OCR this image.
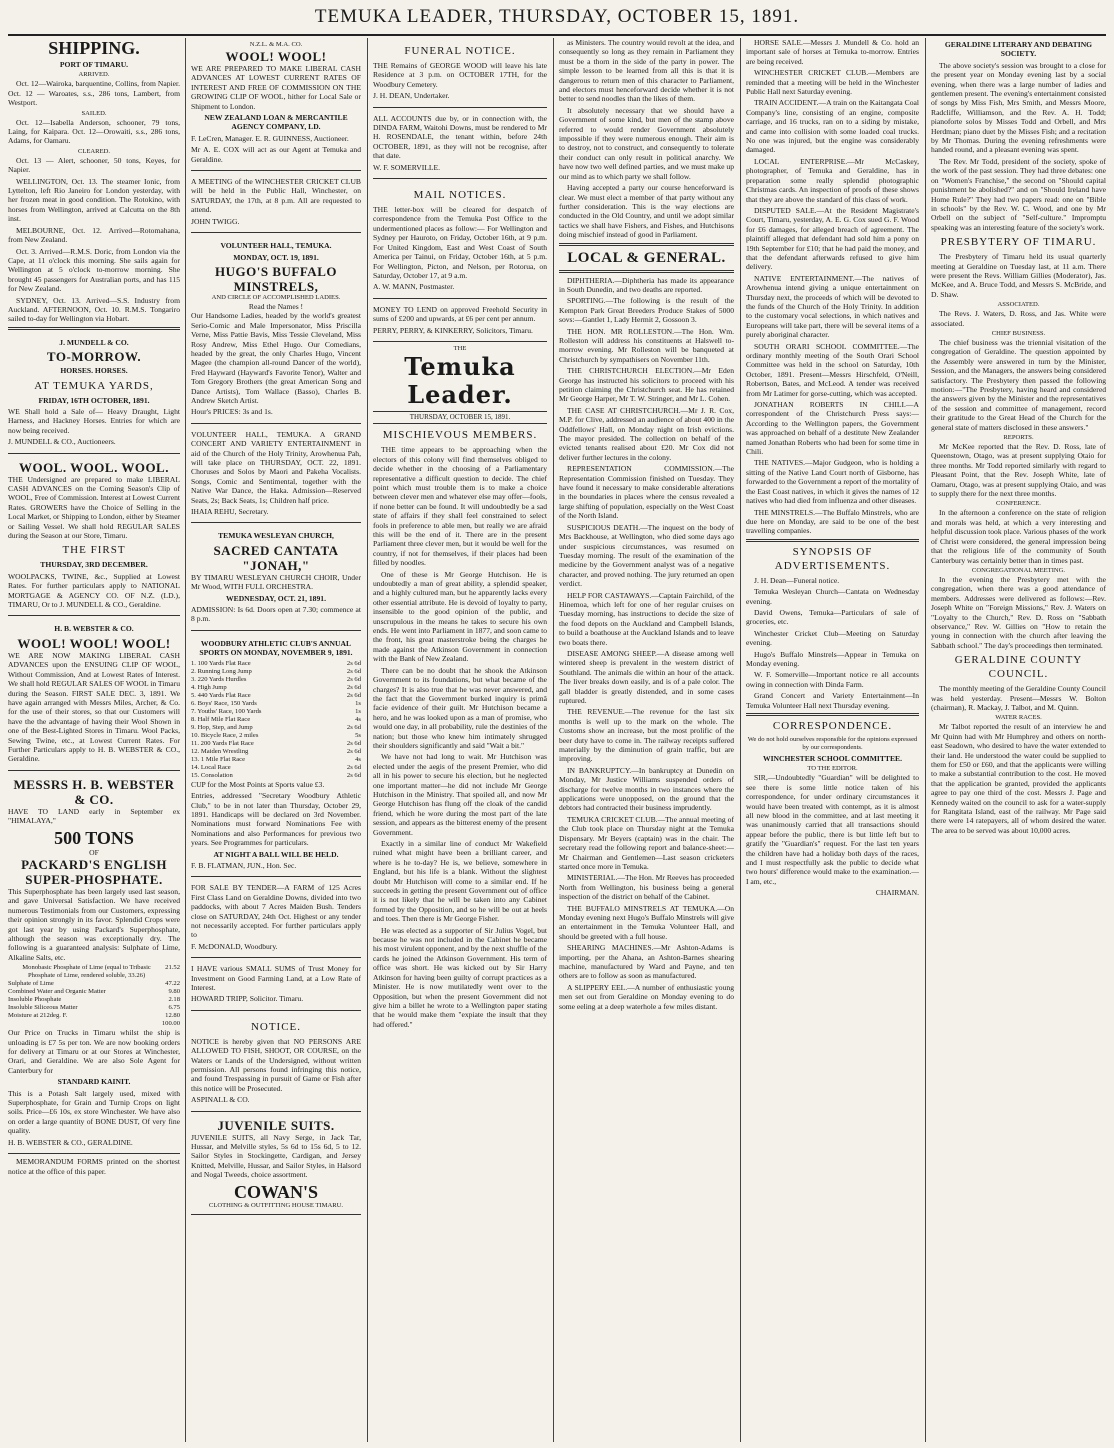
TEMUKA LEADER, THURSDAY, OCTOBER 15, 1891.
SHIPPING.
PORT OF TIMARU.
ARRIVED.

Oct. 12—Wairoka, barquentine, Collins, from Napier. Oct. 12 — Waroates, s.s., 286 tons, Lambert, from Westport.

SAILED.

Oct. 12—Isabella Anderson, schooner, 79 tons, Laing, for Kaipara. Oct. 12—Orowaiti, s.s., 286 tons, Adams, for Oamaru.

CLEARED.

Oct. 13 — Alert, schooner, 50 tons, Keyes, for Napier.

WELLINGTON, Oct. 13. The steamer Ionic, from Lyttelton, left Rio Janeiro for London yesterday, with her frozen meat in good condition. The Rotokino, with horses from Wellington, arrived at Calcutta on the 8th inst.

MELBOURNE, Oct. 12. Arrived—Rotomahana, from New Zealand.

Oct. 3. Arrived—R.M.S. Doric, from London via the Cape, at 11 o'clock this morning. She sails again for Wellington at 5 o'clock to-morrow morning. She brought 45 passengers for Australian ports, and has 115 for New Zealand.

SYDNEY, Oct. 13. Arrived—S.S. Industry from Auckland. AFTERNOON, Oct. 10. R.M.S. Tongariro sailed to-day for Wellington via Hobart.

J. MUNDELL & CO.
TO-MORROW.
HORSES. HORSES.
AT TEMUKA YARDS,
FRIDAY, 16TH OCTOBER, 1891.

WE Shall hold a Sale of— Heavy Draught, Light Harness, and Hackney Horses. Entries for which are now being received.

J. MUNDELL & CO., Auctioneers.

WOOL. WOOL. WOOL.

THE Undersigned are prepared to make LIBERAL CASH ADVANCES on the Coming Season's Clip of WOOL, Free of Commission. Interest at Lowest Current Rates. GROWERS have the Choice of Selling in the Local Market, or Shipping to London, either by Steamer or Sailing Vessel. We shall hold REGULAR SALES during the Season at our Store, Timaru.

THE FIRST
THURSDAY, 3RD DECEMBER.

WOOLPACKS, TWINE, &c., Supplied at Lowest Rates. For further particulars apply to NATIONAL MORTGAGE & AGENCY CO. OF N.Z. (LD.), TIMARU, Or to J. MUNDELL & CO., Geraldine.

H. B. WEBSTER & CO.
WOOL! WOOL! WOOL!

WE ARE NOW MAKING LIBERAL CASH ADVANCES upon the ENSUING CLIP OF WOOL, Without Commission, And at Lowest Rates of Interest. We shall hold REGULAR SALES OF WOOL in Timaru during the Season. FIRST SALE DEC. 3, 1891. We have again arranged with Messrs Miles, Archer, & Co. for the use of their stores, so that our Customers will have the the advantage of having their Wool Shown in one of the Best-Lighted Stores in Timaru. Wool Packs, Sewing Twine, etc., at Lowest Current Rates. For Further Particulars apply to H. B. WEBSTER & CO., Geraldine.

MESSRS H. B. WEBSTER & CO.

HAVE TO LAND early in September ex "HIMALAYA,"

500 TONS
OF
PACKARD'S ENGLISH SUPER-PHOSPHATE.

This Superphosphate has been largely used last season, and gave Universal Satisfaction. We have received numerous Testimonials from our Customers, expressing their opinion strongly in its favor. Splendid Crops were got last year by using Packard's Superphosphate, although the season was exceptionally dry. The following is a guaranteed analysis: Sulphate of Lime, Alkaline Salts, etc.

Monobasic Phosphate of Lime (equal to Tribasic Phosphate of Lime, rendered soluble, 33.26)
21.52
Sulphate of Lime	47.22
Combined Water and Organic Matter	9.80
Insoluble Phosphate	2.18
Insoluble Siliceous Matter	6.75
Moisture at 212deg. F.	12.80
100.00

Our Price on Trucks in Timaru whilst the ship is unloading is £7 5s per ton. We are now booking orders for delivery at Timaru or at our Stores at Winchester, Orari, and Geraldine. We are also Sole Agent for Canterbury for

STANDARD KAINIT.

This is a Potash Salt largely used, mixed with Superphosphate, for Grain and Turnip Crops on light soils. Price—£6 10s, ex store Winchester. We have also on order a large quantity of BONE DUST, Of very fine quality.

H. B. WEBSTER & CO., GERALDINE.

MEMORANDUM FORMS printed on the shortest notice at the office of this paper.

N.Z.L. & M.A. CO.
WOOL! WOOL!

WE ARE PREPARED TO MAKE LIBERAL CASH ADVANCES AT LOWEST CURRENT RATES OF INTEREST AND FREE OF COMMISSION ON THE GROWING CLIP OF WOOL, hither for Local Sale or Shipment to London.

NEW ZEALAND LOAN & MERCANTILE AGENCY COMPANY, LD.

F. LeCren, Manager. E. R. GUINNESS, Auctioneer.

Mr A. E. COX will act as our Agent at Temuka and Geraldine.

A MEETING of the WINCHESTER CRICKET CLUB will be held in the Public Hall, Winchester, on SATURDAY, the 17th, at 8 p.m. All are requested to attend.

JOHN TWIGG.

VOLUNTEER HALL, TEMUKA.
MONDAY, OCT. 19, 1891.
HUGO'S BUFFALO MINSTRELS,
AND CIRCLE OF ACCOMPLISHED LADIES.
Read the Names !

Our Handsome Ladies, headed by the world's greatest Serio-Comic and Male Impersonator, Miss Priscilla Verne, Miss Pattie Bavis, Miss Tessie Cleveland, Miss Rosy Andrew, Miss Ethel Hugo. Our Comedians, headed by the great, the only Charles Hugo, Vincent Magee (the champion all-round Dancer of the world), Fred Hayward (Hayward's Favorite Tenor), Walter and Tom Gregory Brothers (the great American Song and Dance Artists), Tom Wallace (Basso), Charles B. Andrew Sketch Artist.

Hour's PRICES: 3s and 1s.

VOLUNTEER HALL, TEMUKA. A GRAND CONCERT AND VARIETY ENTERTAINMENT in aid of the Church of the Holy Trinity, Arowhenua Pah, will take place on THURSDAY, OCT. 22, 1891. Choruses and Solos by Maori and Pakeha Vocalists. Songs, Comic and Sentimental, together with the Native War Dance, the Haka. Admission—Reserved Seats, 2s; Back Seats, 1s; Children half price.

IHAIA REHU, Secretary.

TEMUKA WESLEYAN CHURCH,
SACRED CANTATA "JONAH,"

BY TIMARU WESLEYAN CHURCH CHOIR, Under Mr Wood, WITH FULL ORCHESTRA.

WEDNESDAY, OCT. 21, 1891.

ADMISSION: Is 6d. Doors open at 7.30; commence at 8 p.m.

WOODBURY ATHLETIC CLUB'S ANNUAL SPORTS ON MONDAY, NOVEMBER 9, 1891.
1. 100 Yards Flat Race	2s 6d
2. Running Long Jump	2s 6d
3. 220 Yards Hurdles	2s 6d
4. High Jump	2s 6d
5. 440 Yards Flat Race	2s 6d
6. Boys' Race, 150 Yards	1s
7. Youths' Race, 100 Yards	1s
8. Half Mile Flat Race	4s
9. Hop, Step, and Jump	2s 6d
10. Bicycle Race, 2 miles	5s
11. 200 Yards Flat Race	2s 6d
12. Maiden Wrestling	2s 6d
13. 1 Mile Flat Race	4s
14. Local Race	2s 6d
15. Consolation	2s 6d

CUP for the Most Points at Sports value £3.

Entries, addressed "Secretary Woodbury Athletic Club," to be in not later than Thursday, October 29, 1891. Handicaps will be declared on 3rd November. Nominations must forward Nominations Fee with Nominations and also Performances for previous two years. See Programmes for particulars.

AT NIGHT A BALL WILL BE HELD.

F. B. FLATMAN, JUN., Hon. Sec.

FOR SALE BY TENDER—A FARM of 125 Acres First Class Land on Geraldine Downs, divided into two paddocks, with about 7 Acres Maiden Bush. Tenders close on SATURDAY, 24th Oct. Highest or any tender not necessarily accepted. For further particulars apply to

F. McDONALD, Woodbury.

I HAVE various SMALL SUMS of Trust Money for Investment on Good Farming Land, at a Low Rate of Interest.

HOWARD TRIPP, Solicitor. Timaru.

NOTICE.

NOTICE is hereby given that NO PERSONS ARE ALLOWED TO FISH, SHOOT, OR COURSE, on the Waters or Lands of the Undersigned, without written permission. All persons found infringing this notice, and found Trespassing in pursuit of Game or Fish after this notice will be Prosecuted.

ASPINALL & CO.

JUVENILE SUITS.

JUVENILE SUITS, all Navy Serge, in Jack Tar, Hussar, and Melville styles, 5s 6d to 15s 6d, 5 to 12. Sailor Styles in Stockingette, Cardigan, and Jersey Knitted, Melville, Hussar, and Sailor Styles, in Halsord and Nogal Tweeds, choice assortment.

COWAN'S
CLOTHING & OUTFITTING HOUSE TIMARU.
FUNERAL NOTICE.

THE Remains of GEORGE WOOD will leave his late Residence at 3 p.m. on OCTOBER 17TH, for the Woodbury Cemetery.

J. H. DEAN, Undertaker.

ALL ACCOUNTS due by, or in connection with, the DINDA FARM, Waitohi Downs, must be rendered to Mr H. ROSENDALE, the tenant within, before 24th OCTOBER, 1891, as they will not be recognise, after that date.

W. F. SOMERVILLE.

MAIL NOTICES.

THE letter-box will be cleared for despatch of correspondence from the Temuka Post Office to the undermentioned places as follow:— For Wellington and Sydney per Hauroto, on Friday, October 16th, at 9 p.m. For United Kingdom, East and West Coast of South America per Tainui, on Friday, October 16th, at 5 p.m. For Wellington, Picton, and Nelson, per Rotorua, on Saturday, October 17, at 9 a.m.

A. W. MANN, Postmaster.

MONEY TO LEND on approved Freehold Security in sums of £200 and upwards, at £6 per cent per annum.

PERRY, PERRY, & KINKERRY, Solicitors, Timaru.

THE
Temuka Leader.
THURSDAY, OCTOBER 15, 1891.
MISCHIEVOUS MEMBERS.

THE time appears to be approaching when the electors of this colony will find themselves obliged to decide whether in the choosing of a Parliamentary representative a difficult question to decide. The chief point which must trouble them is to make a choice between clever men and whatever else may offer—fools, if none better can be found. It will undoubtedly be a sad state of affairs if they shall feel constrained to select fools in preference to able men, but really we are afraid this will be the end of it. There are in the present Parliament three clever men, but it would be well for the country, if not for themselves, if their places had been filled by noodles.

One of these is Mr George Hutchison. He is undoubtedly a man of great ability, a splendid speaker, and a highly cultured man, but he apparently lacks every other essential attribute. He is devoid of loyalty to party, insensible to the good opinion of the public, and unscrupulous in the means he takes to secure his own ends. He went into Parliament in 1877, and soon came to the front, his great masterstroke being the charges he made against the Atkinson Government in connection with the Bank of New Zealand.

There can be no doubt that he shook the Atkinson Government to its foundations, but what became of the charges? It is also true that he was never answered, and the fact that the Government burked inquiry is primâ facie evidence of their guilt. Mr Hutchison became a hero, and he was looked upon as a man of promise, who would one day, in all probability, rule the destinies of the nation; but those who knew him intimately shrugged their shoulders significantly and said "Wait a bit."

We have not had long to wait. Mr Hutchison was elected under the aegis of the present Premier, who did all in his power to secure his election, but he neglected one important matter—he did not include Mr George Hutchison in the Ministry. That spoiled all, and now Mr George Hutchison has flung off the cloak of the candid friend, which he wore during the most part of the late session, and appears as the bitterest enemy of the present Government.

Exactly in a similar line of conduct Mr Wakefield ruined what might have been a brilliant career, and where is he to-day? He is, we believe, somewhere in England, but his life is a blank. Without the slightest doubt Mr Hutchison will come to a similar end. If he succeeds in getting the present Government out of office it is not likely that he will be taken into any Cabinet formed by the Opposition, and so he will be out at heels and toes. Then there is Mr George Fisher.

He was elected as a supporter of Sir Julius Vogel, but because he was not included in the Cabinet he became his most virulent opponent, and by the next shuffle of the cards he joined the Atkinson Government. His term of office was short. He was kicked out by Sir Harry Atkinson for having been guilty of corrupt practices as a Minister. He is now mutilatedly went over to the Opposition, but when the present Government did not give him a billet he wrote to a Wellington paper stating that he would make them "expiate the insult that they had offered."

as Ministers. The country would revolt at the idea, and consequently so long as they remain in Parliament they must be a thorn in the side of the party in power. The simple lesson to be learned from all this is that it is dangerous to return men of this character to Parliament, and electors must henceforward decide whether it is not better to send noodles than the likes of them.

It absolutely necessary that we should have a Government of some kind, but men of the stamp above referred to would render Government absolutely impossible if they were numerous enough. Their aim is to destroy, not to construct, and consequently to tolerate their conduct can only result in political anarchy. We have now two well defined parties, and we must make up our mind as to which party we shall follow.

Having accepted a party our course henceforward is clear. We must elect a member of that party without any further consideration. This is the way elections are conducted in the Old Country, and until we adopt similar tactics we shall have Fishers, and Fishes, and Hutchisons doing mischief instead of good in Parliament.

LOCAL & GENERAL.

DIPHTHERIA.—Diphtheria has made its appearance in South Dunedin, and two deaths are reported.

SPORTING.—The following is the result of the Kempton Park Great Breeders Produce Stakes of 5000 sovs:—Gantlet 1, Lady Hermit 2, Gossoon 3.

THE HON. MR ROLLESTON.—The Hon. Wm. Rolleston will address his constituents at Halswell to-morrow evening. Mr Rolleston will be banqueted at Christchurch by sympathisers on November 11th.

THE CHRISTCHURCH ELECTION.—Mr Eden George has instructed his solicitors to proceed with his petition claiming the Christchurch seat. He has retained Mr George Harper, Mr T. W. Stringer, and Mr L. Cohen.

THE CASE AT CHRISTCHURCH.—Mr J. R. Cox, M.P. for Clive, addressed an audience of about 400 in the Oddfellows' Hall, on Monday night on Irish evictions. The mayor presided. The collection on behalf of the evicted tenants realised about £20. Mr Cox did not deliver further lectures in the colony.

REPRESENTATION COMMISSION.—The Representation Commission finished on Tuesday. They have found it necessary to make considerable alterations in the boundaries in places where the census revealed a large shifting of population, especially on the West Coast of the North Island.

SUSPICIOUS DEATH.—The inquest on the body of Mrs Backhouse, at Wellington, who died some days ago under suspicious circumstances, was resumed on Tuesday morning. The result of the examination of the medicine by the Government analyst was of a negative character, and proved nothing. The jury returned an open verdict.

HELP FOR CASTAWAYS.—Captain Fairchild, of the Hinemoa, which left for one of her regular cruises on Tuesday morning, has instructions to decide the size of the food depots on the Auckland and Campbell Islands, to build a boathouse at the Auckland Islands and to leave two boats there.

DISEASE AMONG SHEEP.—A disease among well wintered sheep is prevalent in the western district of Southland. The animals die within an hour of the attack. The liver breaks down easily, and is of a pale color. The gall bladder is greatly distended, and in some cases ruptured.

THE REVENUE.—The revenue for the last six months is well up to the mark on the whole. The Customs show an increase, but the most prolific of the beer duty have to come in. The railway receipts suffered materially by the diminution of grain traffic, but are improving.

IN BANKRUPTCY.—In bankruptcy at Dunedin on Monday, Mr Justice Williams suspended orders of discharge for twelve months in two instances where the applications were unopposed, on the ground that the debtors had contracted their business imprudently.

TEMUKA CRICKET CLUB.—The annual meeting of the Club took place on Thursday night at the Temuka Dispensary. Mr Beyers (captain) was in the chair. The secretary read the following report and balance-sheet:—Mr Chairman and Gentlemen—Last season cricketers started once more in Temuka.

MINISTERIAL.—The Hon. Mr Reeves has proceeded North from Wellington, his business being a general inspection of the district on behalf of the Cabinet.

THE BUFFALO MINSTRELS AT TEMUKA.—On Monday evening next Hugo's Buffalo Minstrels will give an entertainment in the Temuka Volunteer Hall, and should be greeted with a full house.

SHEARING MACHINES.—Mr Ashton-Adams is importing, per the Ahana, an Ashton-Barnes shearing machine, manufactured by Ward and Payne, and ten others are to follow as soon as manufactured.

A SLIPPERY EEL.—A number of enthusiastic young men set out from Geraldine on Monday evening to do some eeling at a deep waterhole a few miles distant.

HORSE SALE.—Messrs J. Mundell & Co. hold an important sale of horses at Temuka to-morrow. Entries are being received.

WINCHESTER CRICKET CLUB.—Members are reminded that a meeting will be held in the Winchester Public Hall next Saturday evening.

TRAIN ACCIDENT.—A train on the Kaitangata Coal Company's line, consisting of an engine, composite carriage, and 16 trucks, ran on to a siding by mistake, and came into collision with some loaded coal trucks. No one was injured, but the engine was considerably damaged.

LOCAL ENTERPRISE.—Mr McCaskey, photographer, of Temuka and Geraldine, has in preparation some really splendid photographic Christmas cards. An inspection of proofs of these shows that they are above the standard of this class of work.

DISPUTED SALE.—At the Resident Magistrate's Court, Timaru, yesterday, A. E. G. Cox sued G. F. Wood for £6 damages, for alleged breach of agreement. The plaintiff alleged that defendant had sold him a pony on 19th September for £10; that he had paid the money, and that the defendant afterwards refused to give him delivery.

NATIVE ENTERTAINMENT.—The natives of Arowhenua intend giving a unique entertainment on Thursday next, the proceeds of which will be devoted to the funds of the Church of the Holy Trinity. In addition to the customary vocal selections, in which natives and Europeans will take part, there will be several items of a purely aboriginal character.

SOUTH ORARI SCHOOL COMMITTEE.—The ordinary monthly meeting of the South Orari School Committee was held in the school on Saturday, 10th October, 1891. Present—Messrs Hirschfeld, O'Neill, Robertson, Bates, and McLeod. A tender was received from Mr Latimer for gorse-cutting, which was accepted.

JONATHAN ROBERTS IN CHILI.—A correspondent of the Christchurch Press says:—According to the Wellington papers, the Government was approached on behalf of a destitute New Zealander named Jonathan Roberts who had been for some time in Chili.

THE NATIVES.—Major Gudgeon, who is holding a sitting of the Native Land Court north of Gisborne, has forwarded to the Government a report of the mortality of the East Coast natives, in which it gives the names of 12 natives who had died from influenza and other diseases.

THE MINSTRELS.—The Buffalo Minstrels, who are due here on Monday, are said to be one of the best travelling companies.

SYNOPSIS OF ADVERTISEMENTS.

J. H. Dean—Funeral notice.

Temuka Wesleyan Church—Cantata on Wednesday evening.

David Owens, Temuka—Particulars of sale of groceries, etc.

Winchester Cricket Club—Meeting on Saturday evening.

Hugo's Buffalo Minstrels—Appear in Temuka on Monday evening.

W. F. Somerville—Important notice re all accounts owing in connection with Dinda Farm.

Grand Concert and Variety Entertainment—In Temuka Volunteer Hall next Thursday evening.

CORRESPONDENCE.

We do not hold ourselves responsible for the opinions expressed by our correspondents.

WINCHESTER SCHOOL COMMITTEE.
TO THE EDITOR.

SIR,—Undoubtedly "Guardian" will be delighted to see there is some little notice taken of his correspondence, for under ordinary circumstances it would have been treated with contempt, as it is almost all new blood in the committee, and at last meeting it was unanimously carried that all transactions should appear before the public, there is but little left but to gratify the "Guardian's" request. For the last ten years the children have had a holiday both days of the races, and I must respectfully ask the public to decide what two hours' difference would make to the examination.—I am, etc.,

CHAIRMAN.

GERALDINE LITERARY AND DEBATING SOCIETY.

The above society's session was brought to a close for the present year on Monday evening last by a social evening, when there was a large number of ladies and gentlemen present. The evening's entertainment consisted of songs by Miss Fish, Mrs Smith, and Messrs Moore, Radcliffe, Williamson, and the Rev. A. H. Todd; pianoforte solos by Misses Todd and Orbell, and Mrs Herdman; piano duet by the Misses Fish; and a recitation by Mr Thomas. During the evening refreshments were handed round, and a pleasant evening was spent.

The Rev. Mr Todd, president of the society, spoke of the work of the past session. They had three debates: one on "Women's Franchise," the second on "Should capital punishment be abolished?" and on "Should Ireland have Home Rule?" They had two papers read: one on "Bible in schools" by the Rev. W. C. Wood, and one by Mr Orbell on the subject of "Self-culture." Impromptu speaking was an interesting feature of the society's work.

PRESBYTERY OF TIMARU.

The Presbytery of Timaru held its usual quarterly meeting at Geraldine on Tuesday last, at 11 a.m. There were present the Revs. William Gillies (Moderator), Jas. McKee, and A. Bruce Todd, and Messrs S. McBride, and D. Shaw.

ASSOCIATED.

The Revs. J. Waters, D. Ross, and Jas. White were associated.

CHIEF BUSINESS.

The chief business was the triennial visitation of the congregation of Geraldine. The question appointed by the Assembly were answered in turn by the Minister, Session, and the Managers, the answers being considered satisfactory. The Presbytery then passed the following motion:—"The Presbytery, having heard and considered the answers given by the Minister and the representatives of the session and committee of management, record their gratitude to the Great Head of the Church for the general state of matters disclosed in these answers."

REPORTS.

Mr McKee reported that the Rev. D. Ross, late of Queenstown, Otago, was at present supplying Otaio for three months. Mr Todd reported similarly with regard to Pleasant Point, that the Rev. Joseph White, late of Oamaru, Otago, was at present supplying Otaio, and was to supply there for the next three months.

CONFERENCE.

In the afternoon a conference on the state of religion and morals was held, at which a very interesting and helpful discussion took place. Various phases of the work of Christ were considered, the general impression being that the religious life of the community of South Canterbury was certainly better than in times past.

CONGREGATIONAL MEETING.

In the evening the Presbytery met with the congregation, when there was a good attendance of members. Addresses were delivered as follows:—Rev. Joseph White on "Foreign Missions," Rev. J. Waters on "Loyalty to the Church," Rev. D. Ross on "Sabbath observance," Rev. W. Gillies on "How to retain the young in connection with the church after leaving the Sabbath school." The day's proceedings then terminated.

GERALDINE COUNTY COUNCIL.

The monthly meeting of the Geraldine County Council was held yesterday. Present—Messrs W. Bolton (chairman), R. Mackay, J. Talbot, and M. Quinn.

WATER RACES.

Mr Talbot reported the result of an interview he and Mr Quinn had with Mr Humphrey and others on north-east Seadown, who desired to have the water extended to their land. He understood the water could be supplied to them for £50 or £60, and that the applicants were willing to make a substantial contribution to the cost. He moved that the application be granted, provided the applicants agree to pay one third of the cost. Messrs J. Page and Kennedy waited on the council to ask for a water-supply for Rangitata Island, east of the railway. Mr Page said there were 14 ratepayers, all of whom desired the water. The area to be served was about 10,000 acres.
